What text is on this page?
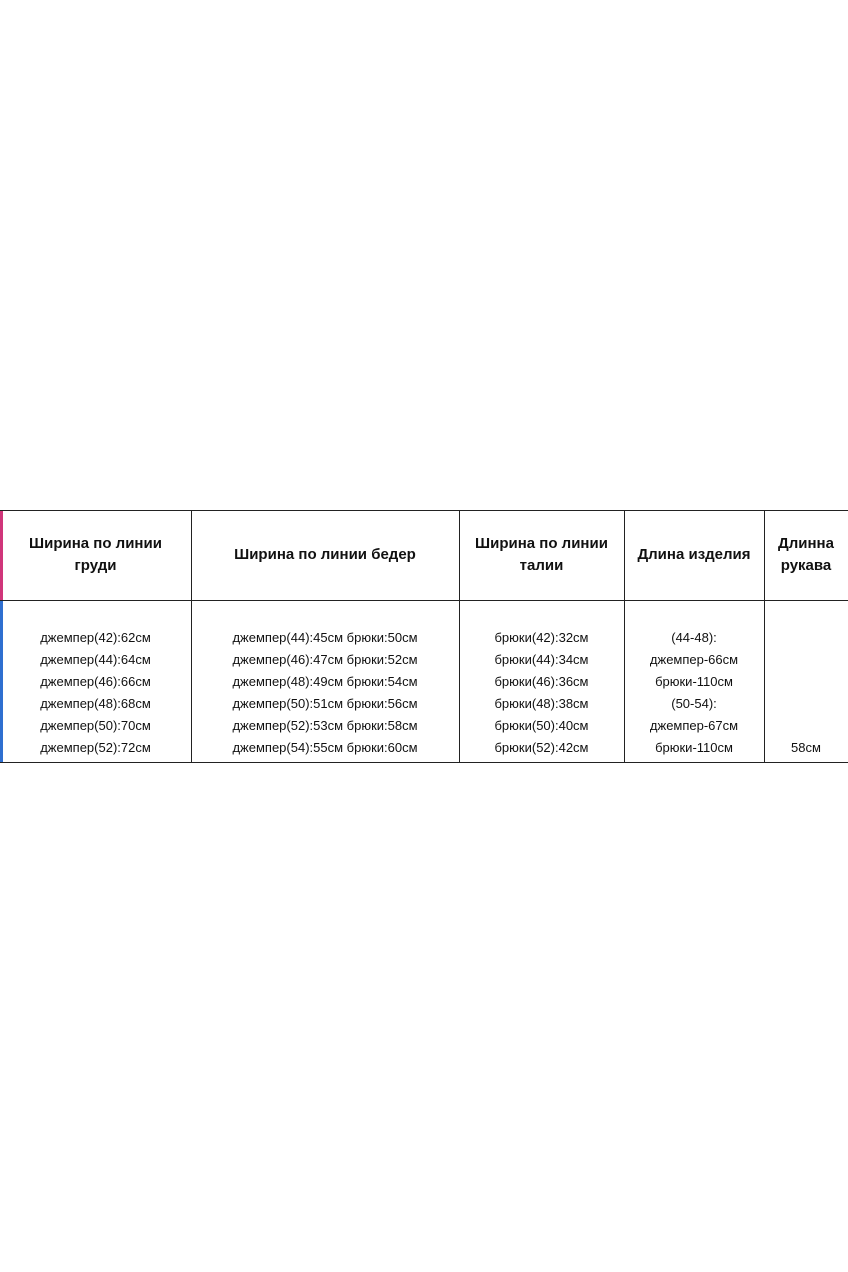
Ширина по линии
груди
Ширина по линии бедер
Ширина по линии
талии
Длина изделия
Длинна
рукава
джемпер(42):62см
джемпер(44):64см
джемпер(46):66см
джемпер(48):68см
джемпер(50):70см
джемпер(52):72см
джемпер(44):45см брюки:50см
джемпер(46):47см брюки:52см
джемпер(48):49см брюки:54см
джемпер(50):51см брюки:56см
джемпер(52):53см брюки:58см
джемпер(54):55см брюки:60см
брюки(42):32см
брюки(44):34см
брюки(46):36см
брюки(48):38см
брюки(50):40см
брюки(52):42см
(44-48):
джемпер-66см
брюки-110см
(50-54):
джемпер-67см
брюки-110см	58см
